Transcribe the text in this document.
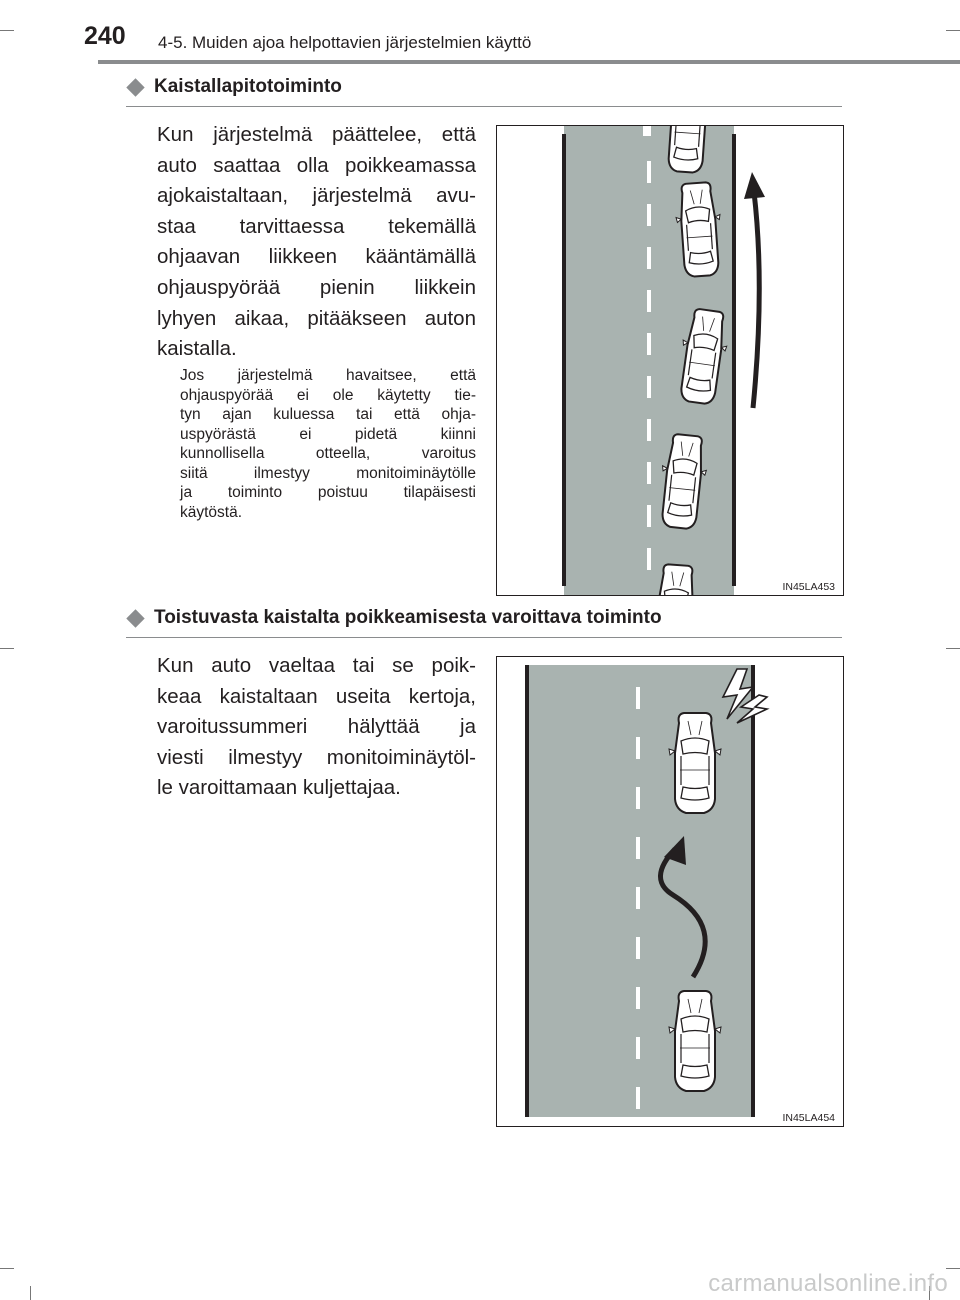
240 4-5. Muiden ajoa helpottavien järjestelmien käyttö
Kaistallapitotoiminto
Kun järjestelmä päättelee, että
auto saattaa olla poikkeamassa
ajokaistaltaan, järjestelmä avu-
staa tarvittaessa tekemällä
ohjaavan liikkeen kääntämällä
ohjauspyörää pienin liikkein
lyhyen aikaa, pitääkseen auton
kaistalla.
Jos järjestelmä havaitsee, että
ohjauspyörää ei ole käytetty tie-
tyn ajan kuluessa tai että ohja-
uspyörästä ei pidetä kiinni
kunnollisella otteella, varoitus
siitä ilmestyy monitoiminäytölle
ja toiminto poistuu tilapäisesti
käytöstä.
IN45LA453
Toistuvasta kaistalta poikkeamisesta varoittava toiminto
Kun auto vaeltaa tai se poik-
keaa kaistaltaan useita kertoja,
varoitussummeri hälyttää ja
viesti ilmestyy monitoiminäytöl-
le varoittamaan kuljettajaa.
IN45LA454
carmanualsonline.info
